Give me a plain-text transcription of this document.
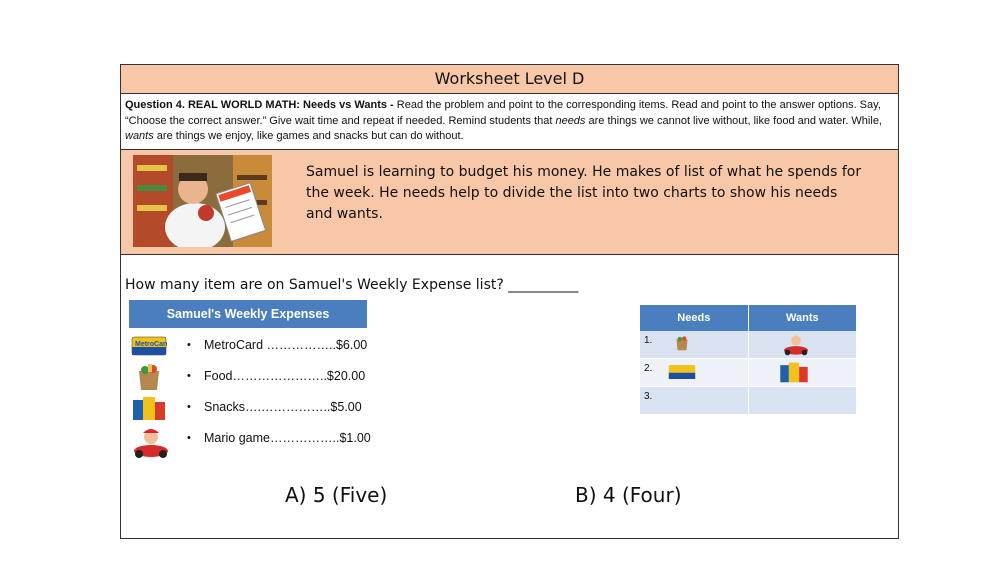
Worksheet Level D
Question 4. REAL WORLD MATH: Needs vs Wants - Read the problem and point to the corresponding items. Read and point to the answer options. Say, “Choose the correct answer.” Give wait time and repeat if needed. Remind students that needs are things we cannot live without, like food and water. While, wants are things we enjoy, like games and snacks but can do without.
Samuel is learning to budget his money. He makes of list of what he spends for the week. He needs help to divide the list into two charts to show his needs and wants.
How many item are on Samuel's Weekly Expense list? __________
Samuel's Weekly Expenses
MetroCard • MetroCard ……………..$6.00
• Food…………………..$20.00
• Snacks….……………..$5.00
• Mario game……………..$1.00
Needs	Wants

1.

2.

3.	

A) 5 (Five)	B) 4 (Four)
